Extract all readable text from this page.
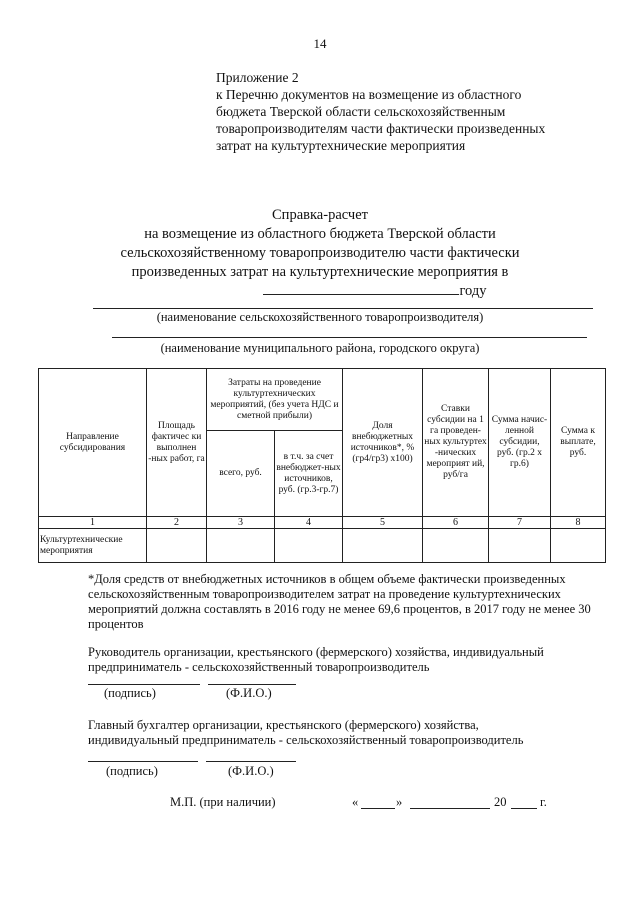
14
Приложение 2
к Перечню документов на возмещение из областного
бюджета Тверской области сельскохозяйственным
товаропроизводителям части фактически произведенных
затрат на культуртехнические мероприятия
Справка-расчет
на возмещение из областного бюджета Тверской области
сельскохозяйственному товаропроизводителю части фактически
произведенных затрат на культуртехнические мероприятия в
году
(наименование сельскохозяйственного товаропроизводителя)
(наименование муниципального района, городского округа)
Направление субсидирования	Площадь фактичес ки выполнен -ных работ, га	Затраты на проведение культуртехнических мероприятий, (без учета НДС и сметной прибыли)		Доля внебюджетных источников*, % (гр4/гр3) x100)	Ставки субсидии на 1 га проведен-ных культуртех -нических мероприят ий, руб/га	Сумма начис-ленной субсидии, руб. (гр.2 x гр.6)	Сумма к выплате, руб.
		всего, руб.	в т.ч. за счет внебюджет-ных источников, руб. (гр.3-гр.7)				
1	2	3	4	5	6	7	8
Культуртехнические мероприятия							
*Доля средств от внебюджетных источников в общем объеме фактически произведенных сельскохозяйственным товаропроизводителем затрат на проведение культуртехнических мероприятий должна составлять в 2016 году не менее 69,6 процентов, в 2017 году не менее 30 процентов
Руководитель организации, крестьянского (фермерского) хозяйства, индивидуальный предприниматель - сельскохозяйственный товаропроизводитель
(подпись)	(Ф.И.О.)
Главный бухгалтер организации, крестьянского (фермерского) хозяйства, индивидуальный предприниматель - сельскохозяйственный товаропроизводитель
(подпись)	(Ф.И.О.)
М.П. (при наличии)	«	»	20	г.
